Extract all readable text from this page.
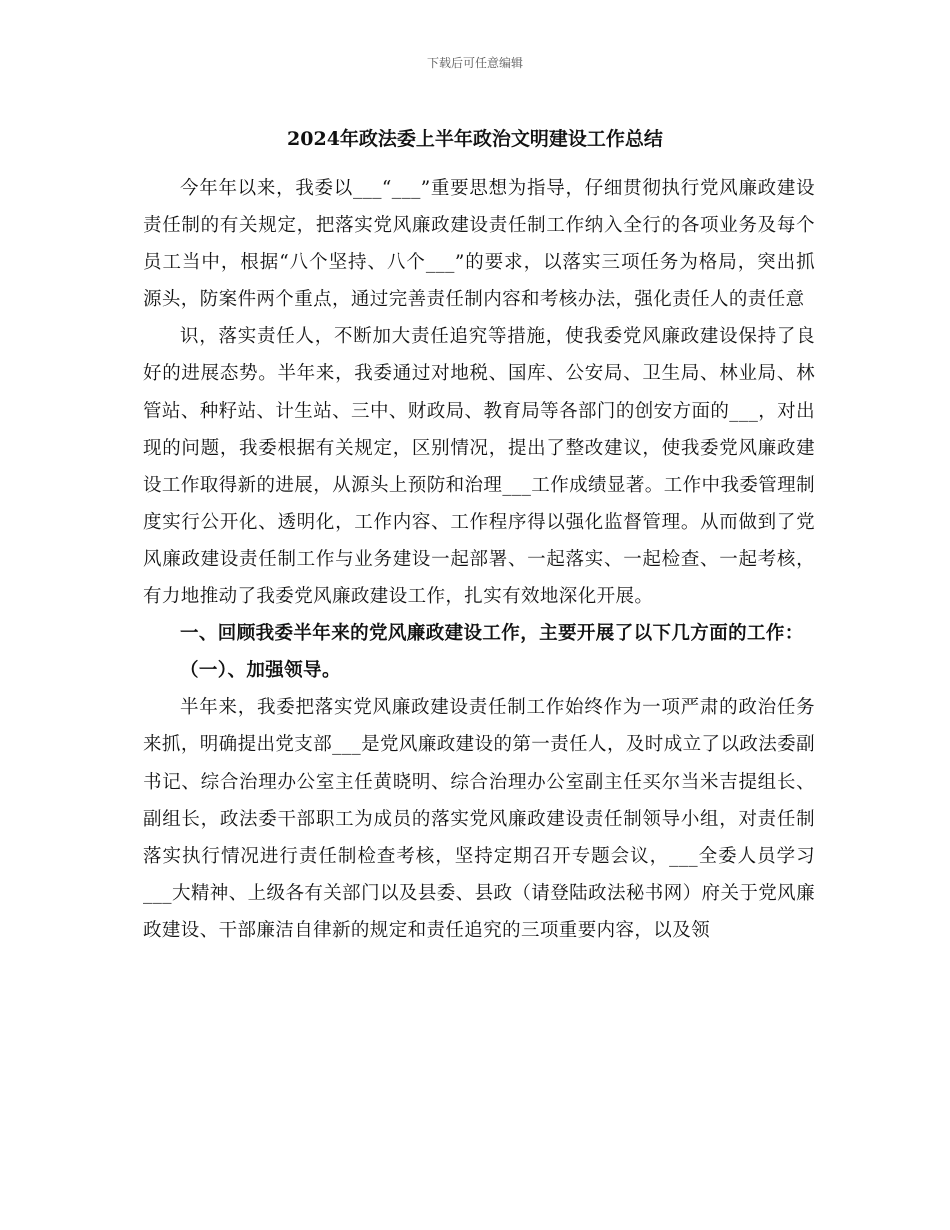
下载后可任意编辑
2024年政法委上半年政治文明建设工作总结

今年年以来，我委以___“___”重要思想为指导，仔细贯彻执行党风廉政建设责任制的有关规定，把落实党风廉政建设责任制工作纳入全行的各项业务及每个员工当中，根据“八个坚持、八个___”的要求，以落实三项任务为格局，突出抓源头，防案件两个重点，通过完善责任制内容和考核办法，强化责任人的责任意

识，落实责任人，不断加大责任追究等措施，使我委党风廉政建设保持了良好的进展态势。半年来，我委通过对地税、国库、公安局、卫生局、林业局、林管站、种籽站、计生站、三中、财政局、教育局等各部门的创安方面的___，对出现的问题，我委根据有关规定，区别情况，提出了整改建议，使我委党风廉政建设工作取得新的进展，从源头上预防和治理___工作成绩显著。工作中我委管理制度实行公开化、透明化，工作内容、工作程序得以强化监督管理。从而做到了党风廉政建设责任制工作与业务建设一起部署、一起落实、一起检查、一起考核，有力地推动了我委党风廉政建设工作，扎实有效地深化开展。

一、回顾我委半年来的党风廉政建设工作，主要开展了以下几方面的工作：

（一）、加强领导。

半年来，我委把落实党风廉政建设责任制工作始终作为一项严肃的政治任务来抓，明确提出党支部___是党风廉政建设的第一责任人，及时成立了以政法委副书记、综合治理办公室主任黄晓明、综合治理办公室副主任买尔当米吉提组长、副组长，政法委干部职工为成员的落实党风廉政建设责任制领导小组，对责任制落实执行情况进行责任制检查考核，坚持定期召开专题会议，___全委人员学习___大精神、上级各有关部门以及县委、县政（请登陆政法秘书网）府关于党风廉政建设、干部廉洁自律新的规定和责任追究的三项重要内容，以及领
